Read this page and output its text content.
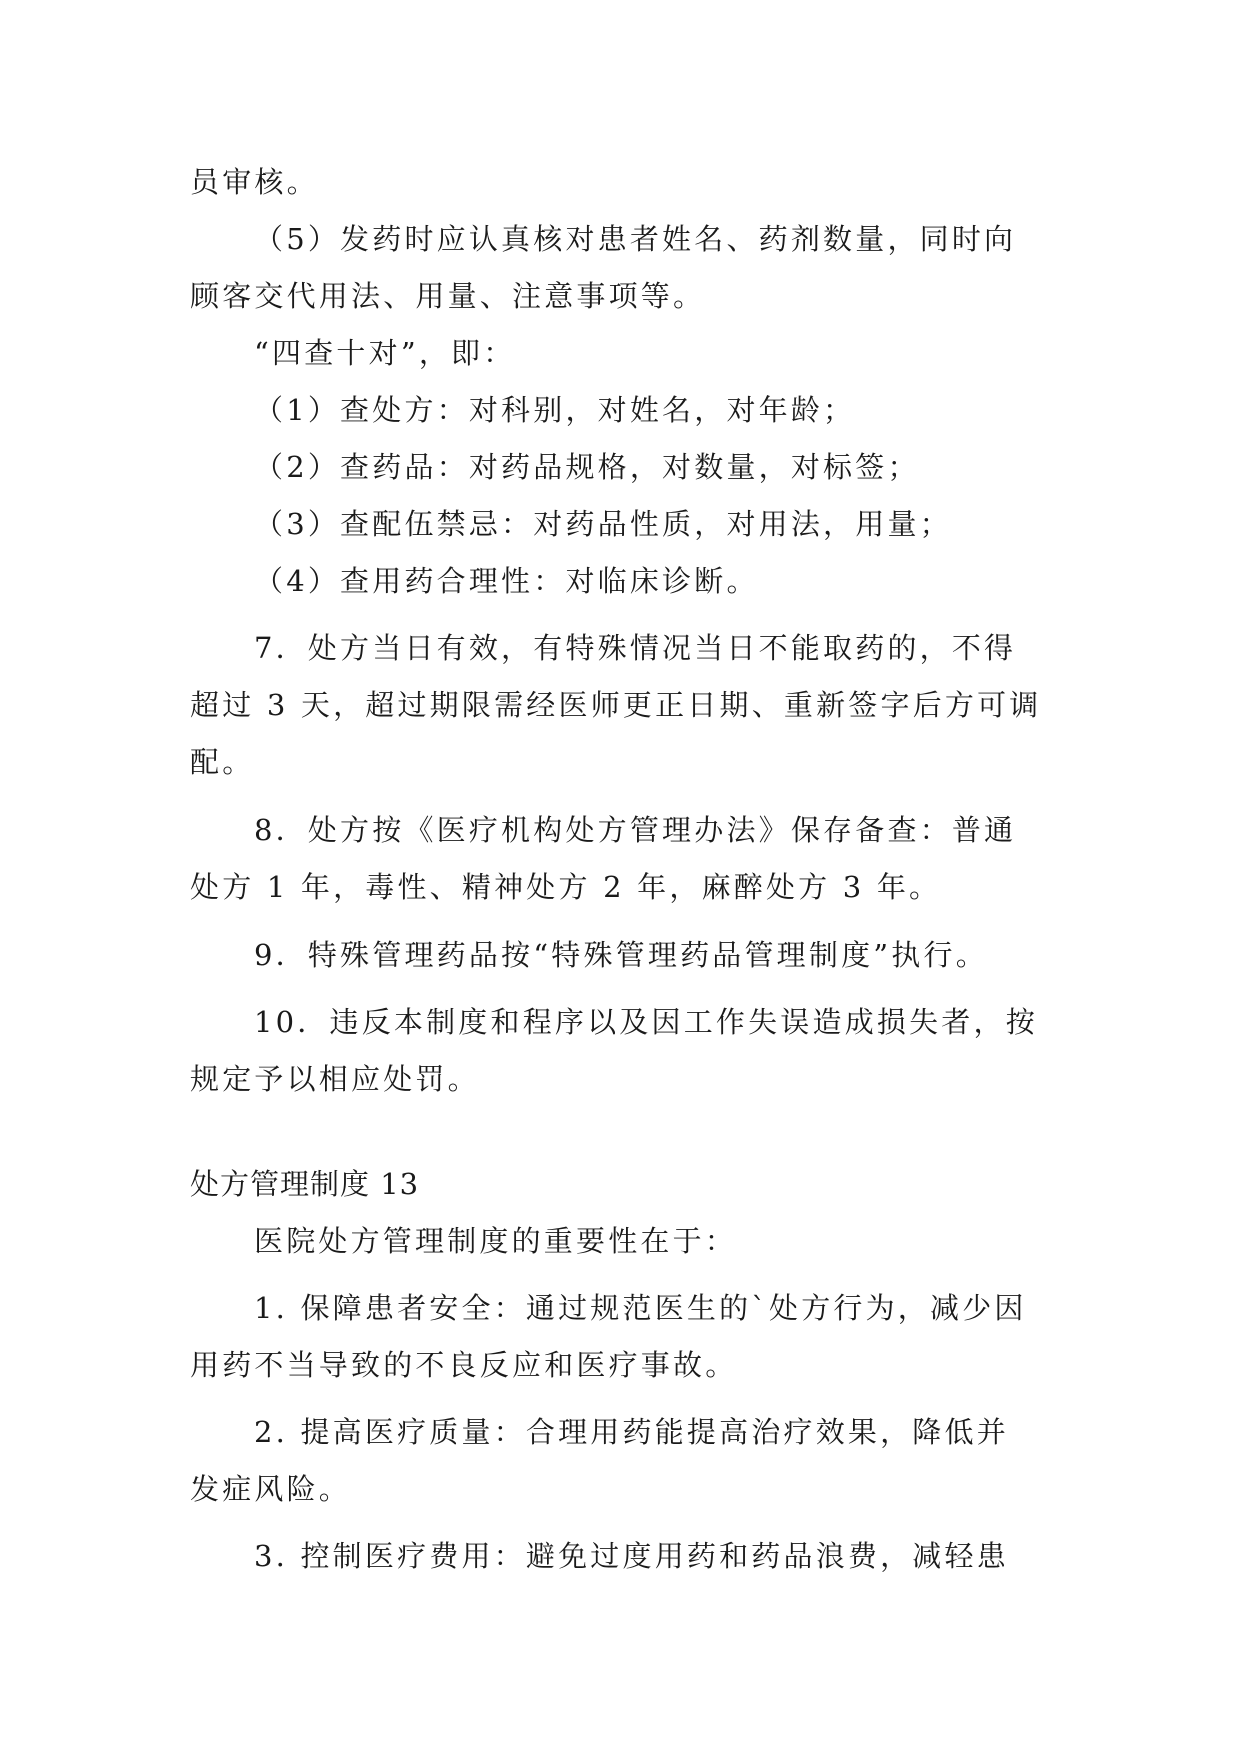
员审核。
（5）发药时应认真核对患者姓名、药剂数量，同时向
顾客交代用法、用量、注意事项等。
“四查十对”，即：
（1）查处方：对科别，对姓名，对年龄；
（2）查药品：对药品规格，对数量，对标签；
（3）查配伍禁忌：对药品性质，对用法，用量；
（4）查用药合理性：对临床诊断。
7．处方当日有效，有特殊情况当日不能取药的，不得
超过 3 天，超过期限需经医师更正日期、重新签字后方可调
配。
8．处方按《医疗机构处方管理办法》保存备查：普通
处方 1 年，毒性、精神处方 2 年，麻醉处方 3 年。
9．特殊管理药品按“特殊管理药品管理制度”执行。
10．违反本制度和程序以及因工作失误造成损失者，按
规定予以相应处罚。
处方管理制度 13
医院处方管理制度的重要性在于：
1. 保障患者安全：通过规范医生的`处方行为，减少因
用药不当导致的不良反应和医疗事故。
2. 提高医疗质量：合理用药能提高治疗效果，降低并
发症风险。
3. 控制医疗费用：避免过度用药和药品浪费，减轻患
